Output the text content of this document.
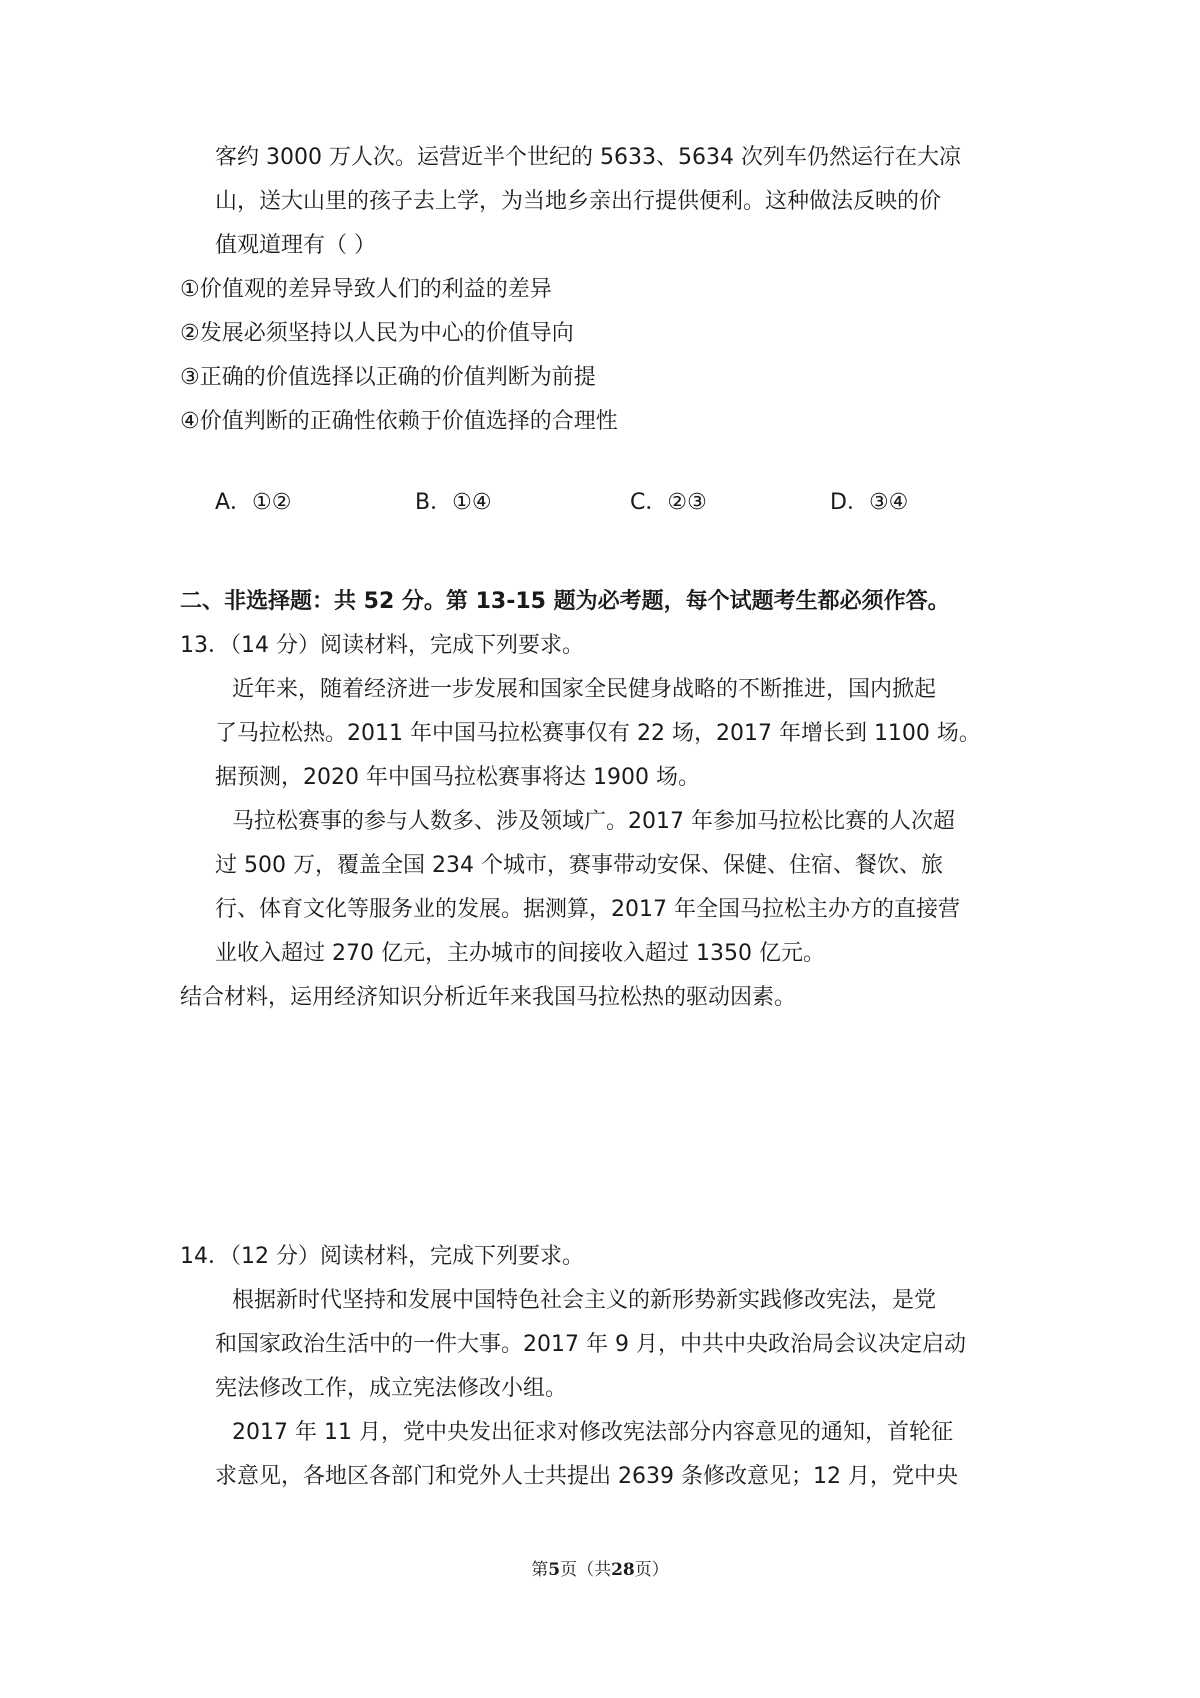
客约 3000 万人次。运营近半个世纪的 5633、5634 次列车仍然运行在大凉
山，送大山里的孩子去上学，为当地乡亲出行提供便利。这种做法反映的价
值观道理有（ ）
①价值观的差异导致人们的利益的差异
②发展必须坚持以人民为中心的价值导向
③正确的价值选择以正确的价值判断为前提
④价值判断的正确性依赖于价值选择的合理性
A．①②	B．①④	C．②③	D．③④
二、非选择题：共 52 分。第 13-15 题为必考题，每个试题考生都必须作答。
13．（14 分）阅读材料，完成下列要求。
近年来，随着经济进一步发展和国家全民健身战略的不断推进，国内掀起
了马拉松热。2011 年中国马拉松赛事仅有 22 场，2017 年增长到 1100 场。
据预测，2020 年中国马拉松赛事将达 1900 场。
马拉松赛事的参与人数多、涉及领域广。2017 年参加马拉松比赛的人次超
过 500 万，覆盖全国 234 个城市，赛事带动安保、保健、住宿、餐饮、旅
行、体育文化等服务业的发展。据测算，2017 年全国马拉松主办方的直接营
业收入超过 270 亿元，主办城市的间接收入超过 1350 亿元。
结合材料，运用经济知识分析近年来我国马拉松热的驱动因素。
14．（12 分）阅读材料，完成下列要求。
根据新时代坚持和发展中国特色社会主义的新形势新实践修改宪法，是党
和国家政治生活中的一件大事。2017 年 9 月，中共中央政治局会议决定启动
宪法修改工作，成立宪法修改小组。
2017 年 11 月，党中央发出征求对修改宪法部分内容意见的通知，首轮征
求意见，各地区各部门和党外人士共提出 2639 条修改意见；12 月，党中央
第5页（共28页）
